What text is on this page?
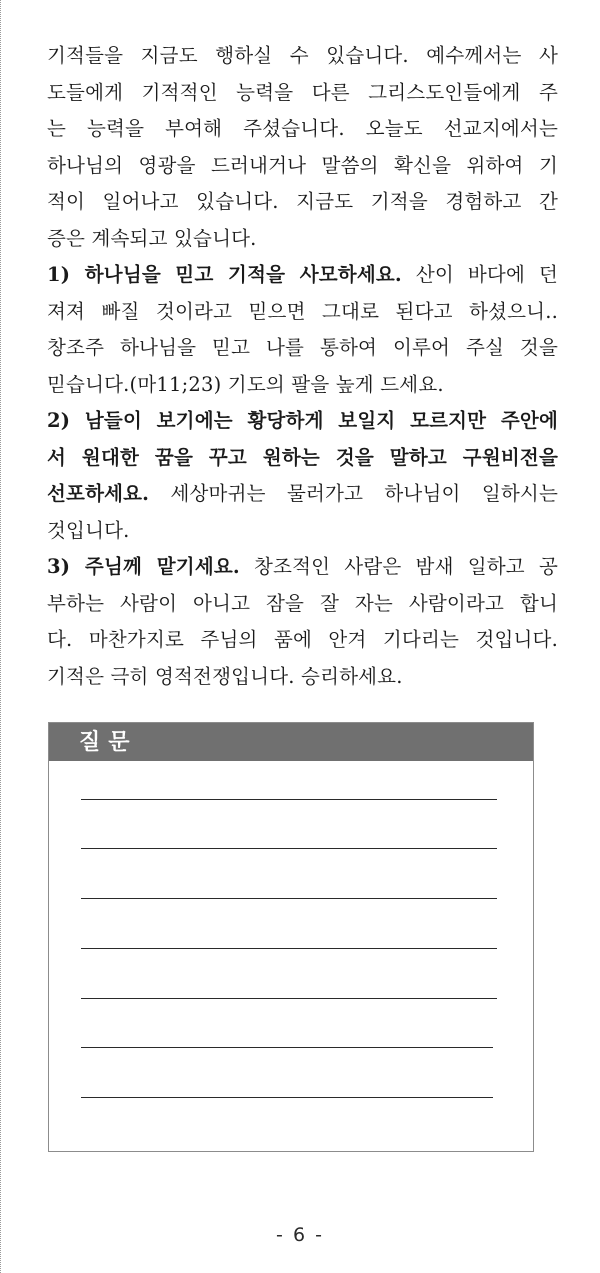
기적들을 지금도 행하실 수 있습니다. 예수께서는 사
도들에게 기적적인 능력을 다른 그리스도인들에게 주
는 능력을 부여해 주셨습니다. 오늘도 선교지에서는
하나님의 영광을 드러내거나 말씀의 확신을 위하여 기
적이 일어나고 있습니다. 지금도 기적을 경험하고 간
증은 계속되고 있습니다.
1) 하나님을 믿고 기적을 사모하세요. 산이 바다에 던
져져 빠질 것이라고 믿으면 그대로 된다고 하셨으니..
창조주 하나님을 믿고 나를 통하여 이루어 주실 것을
믿습니다.(마11;23) 기도의 팔을 높게 드세요.
2) 남들이 보기에는 황당하게 보일지 모르지만 주안에
서 원대한 꿈을 꾸고 원하는 것을 말하고 구원비전을
선포하세요. 세상마귀는 물러가고 하나님이 일하시는
것입니다.
3) 주님께 맡기세요. 창조적인 사람은 밤새 일하고 공
부하는 사람이 아니고 잠을 잘 자는 사람이라고 합니
다. 마찬가지로 주님의 품에 안겨 기다리는 것입니다.
기적은 극히 영적전쟁입니다. 승리하세요.
질문
- 6 -
